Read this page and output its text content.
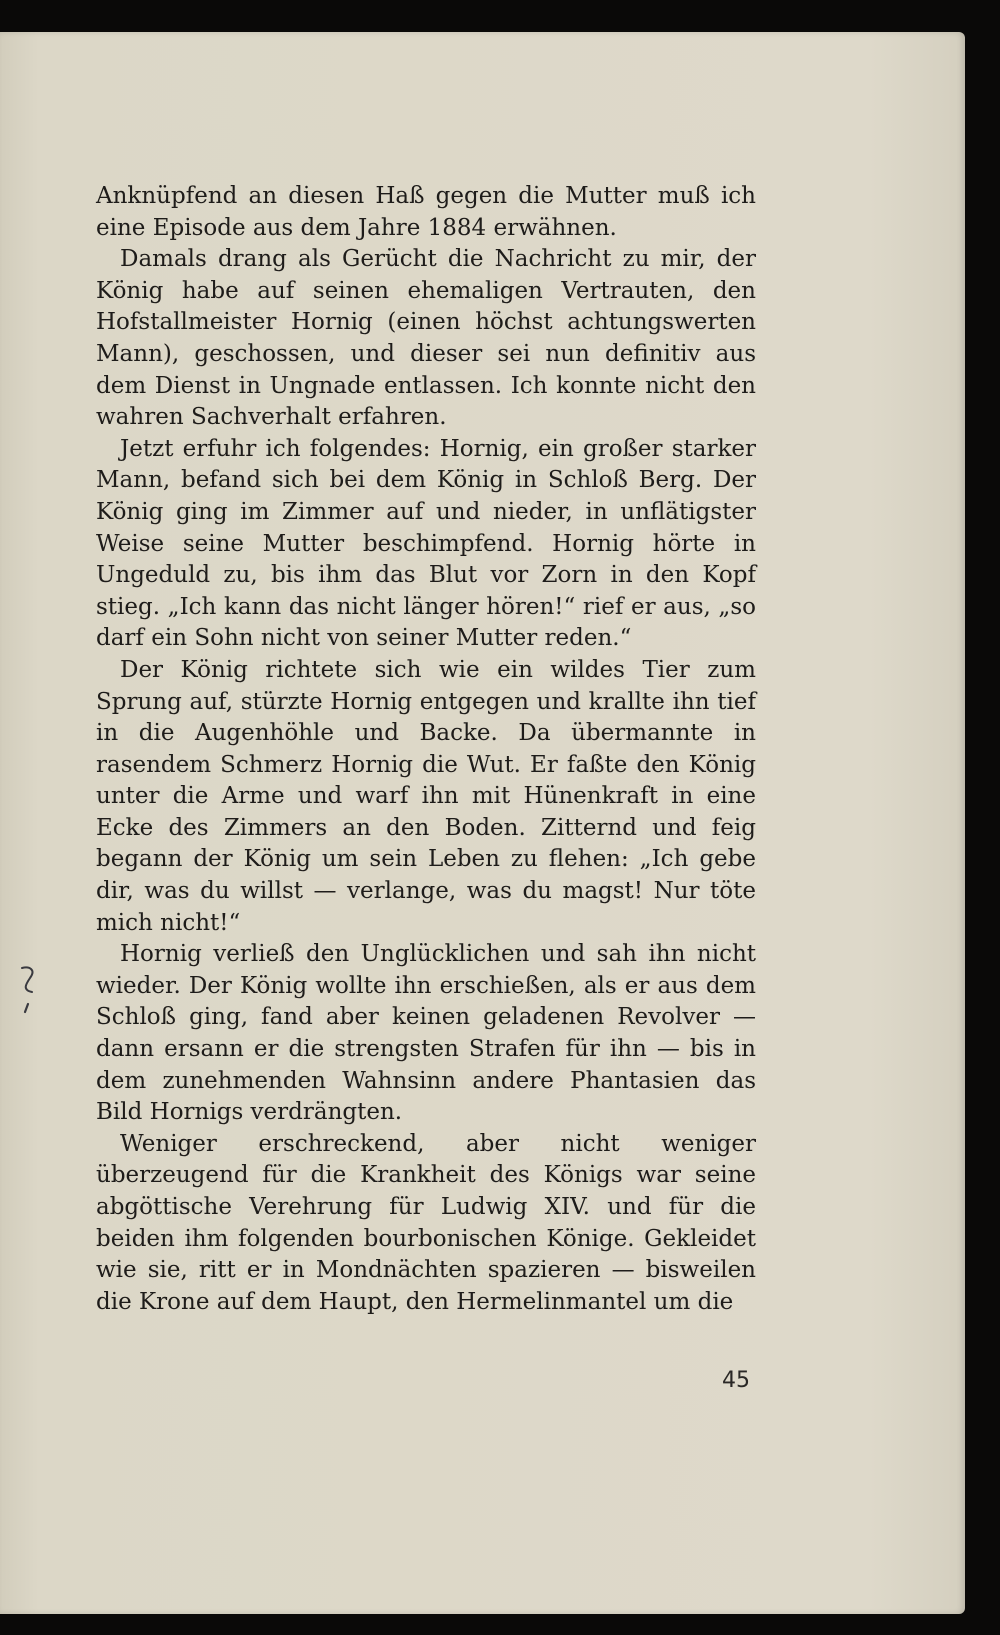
Anknüpfend an diesen Haß gegen die Mutter muß ich eine Episode aus dem Jahre 1884 erwähnen.

Damals drang als Gerücht die Nachricht zu mir, der König habe auf seinen ehemaligen Vertrauten, den Hofstallmeister Hornig (einen höchst achtungswerten Mann), geschossen, und dieser sei nun definitiv aus dem Dienst in Ungnade entlassen. Ich konnte nicht den wahren Sachverhalt erfahren.

Jetzt erfuhr ich folgendes: Hornig, ein großer starker Mann, befand sich bei dem König in Schloß Berg. Der König ging im Zimmer auf und nieder, in unflätigster Weise seine Mutter beschimpfend. Hornig hörte in Ungeduld zu, bis ihm das Blut vor Zorn in den Kopf stieg. „Ich kann das nicht länger hören!“ rief er aus, „so darf ein Sohn nicht von seiner Mutter reden.“

Der König richtete sich wie ein wildes Tier zum Sprung auf, stürzte Hornig entgegen und krallte ihn tief in die Augenhöhle und Backe. Da übermannte in rasendem Schmerz Hornig die Wut. Er faßte den König unter die Arme und warf ihn mit Hünenkraft in eine Ecke des Zimmers an den Boden. Zitternd und feig begann der König um sein Leben zu flehen: „Ich gebe dir, was du willst — verlange, was du magst! Nur töte mich nicht!“

Hornig verließ den Unglücklichen und sah ihn nicht wieder. Der König wollte ihn erschießen, als er aus dem Schloß ging, fand aber keinen geladenen Revolver — dann ersann er die strengsten Strafen für ihn — bis in dem zunehmenden Wahnsinn andere Phantasien das Bild Hornigs verdrängten.

Weniger erschreckend, aber nicht weniger überzeugend für die Krankheit des Königs war seine abgöttische Verehrung für Ludwig XIV. und für die beiden ihm folgenden bourbonischen Könige. Gekleidet wie sie, ritt er in Mondnächten spazieren — bisweilen die Krone auf dem Haupt, den Hermelinmantel um die

45
